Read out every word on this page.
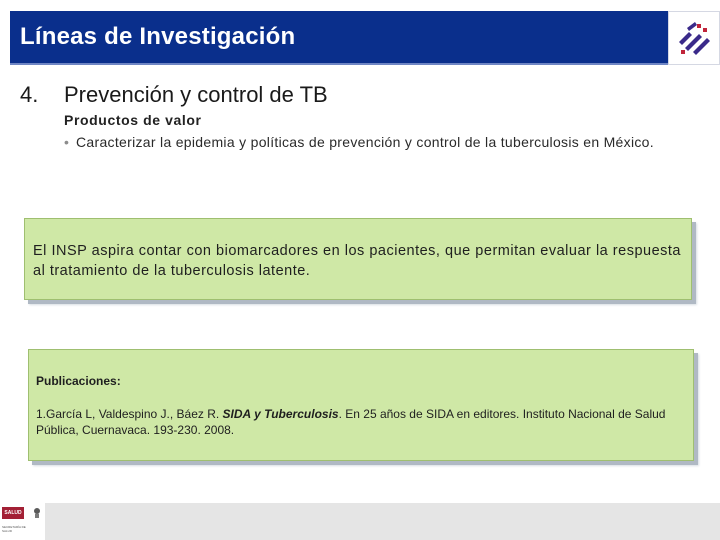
Líneas de Investigación
4. Prevención y control de TB
Productos de valor
• Caracterizar la epidemia y políticas de prevención y control de la tuberculosis en México.

El INSP aspira contar con biomarcadores en los pacientes, que permitan evaluar la respuesta al tratamiento de la tuberculosis latente.

Publicaciones:
1.García L, Valdespino J., Báez R. SIDA y Tuberculosis. En 25 años de SIDA en editores. Instituto Nacional de Salud Pública, Cuernavaca. 193-230. 2008.
SALUD
SECRETARÍA DE SALUD
